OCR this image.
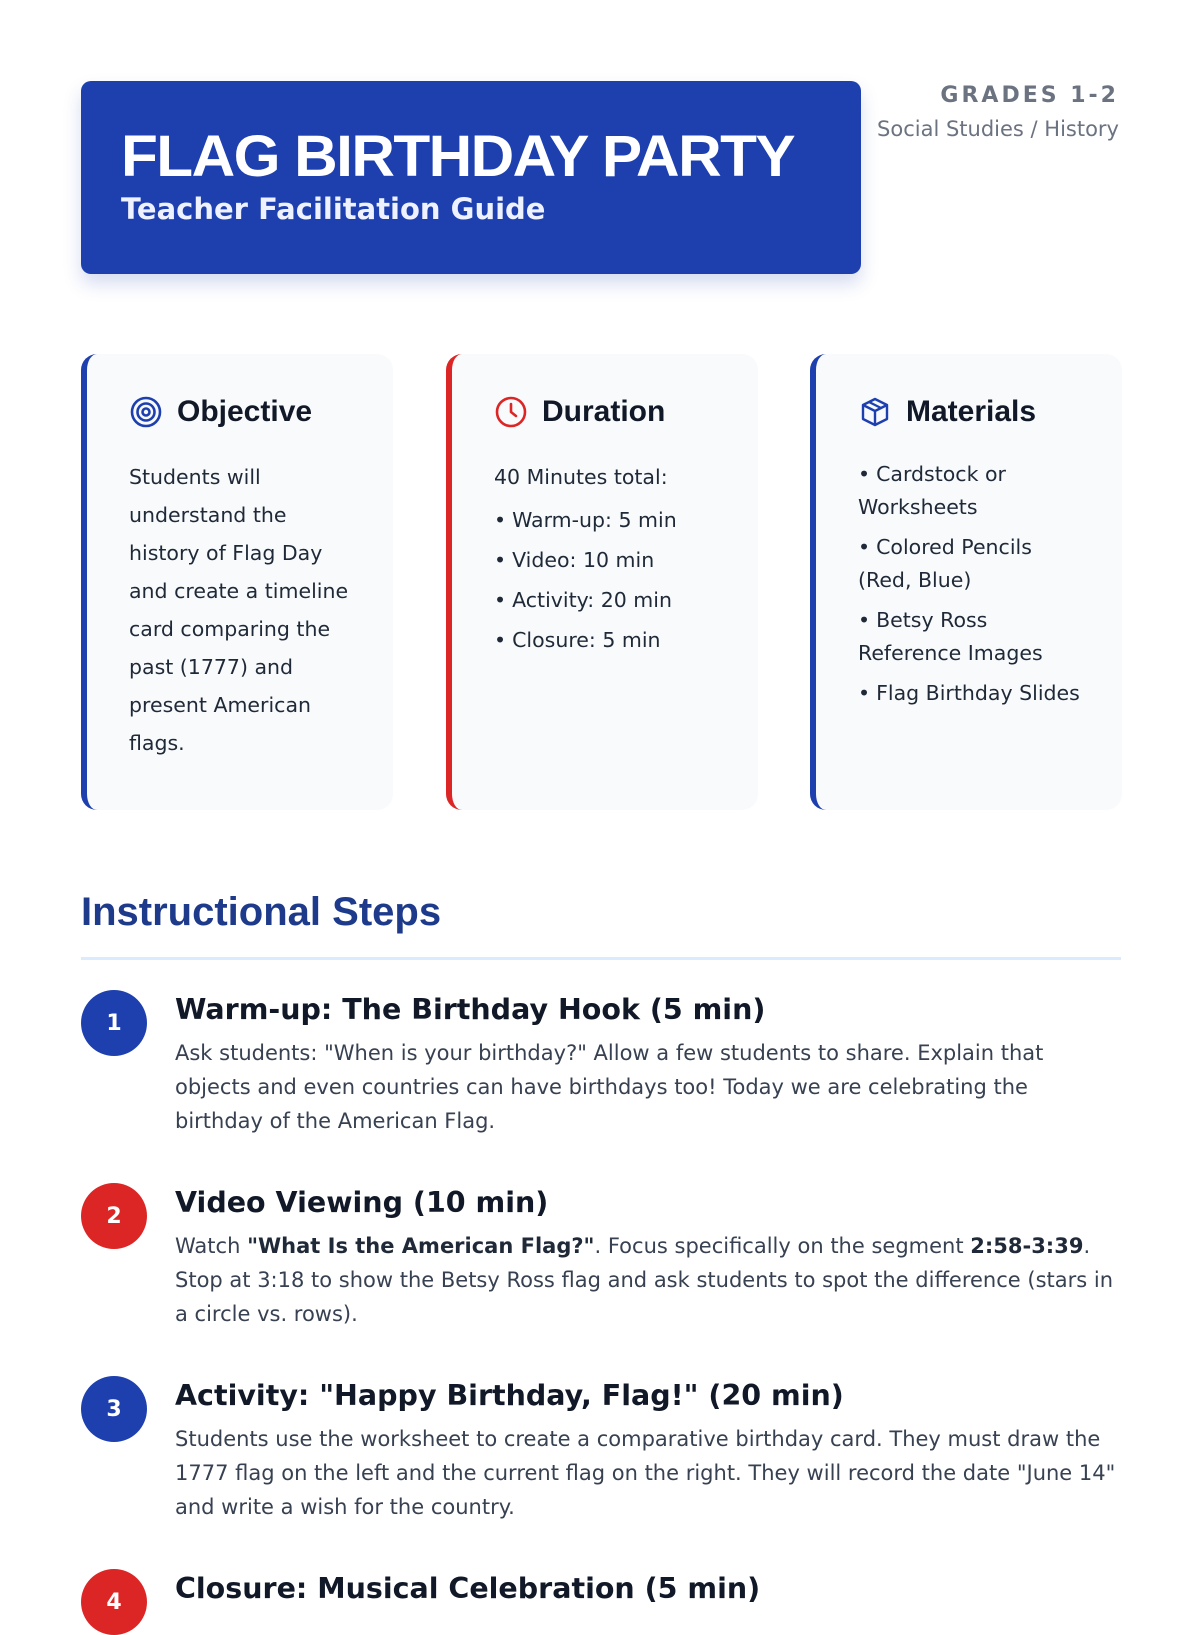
FLAG BIRTHDAY PARTY
Teacher Facilitation Guide
GRADES 1-2
Social Studies / History
Objective
Students will understand the history of Flag Day and create a timeline card comparing the past (1777) and present American flags.
Duration
40 Minutes total:
• Warm-up: 5 min
• Video: 10 min
• Activity: 20 min
• Closure: 5 min
Materials
• Cardstock or Worksheets
• Colored Pencils (Red, Blue)
• Betsy Ross Reference Images
• Flag Birthday Slides
Instructional Steps
1	Warm-up: The Birthday Hook (5 min)
Ask students: "When is your birthday?" Allow a few students to share. Explain that objects and even countries can have birthdays too! Today we are celebrating the birthday of the American Flag.
2	Video Viewing (10 min)
Watch "What Is the American Flag?". Focus specifically on the segment 2:58-3:39. Stop at 3:18 to show the Betsy Ross flag and ask students to spot the difference (stars in a circle vs. rows).
3	Activity: "Happy Birthday, Flag!" (20 min)
Students use the worksheet to create a comparative birthday card. They must draw the 1777 flag on the left and the current flag on the right. They will record the date "June 14" and write a wish for the country.
4	Closure: Musical Celebration (5 min)
